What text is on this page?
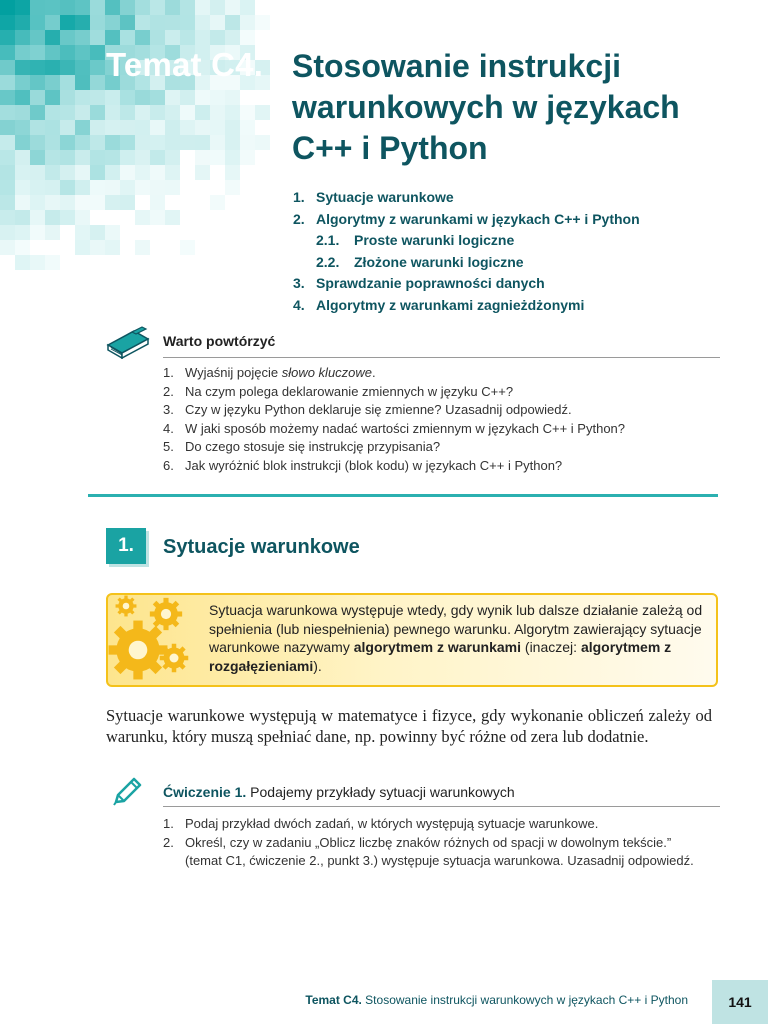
Temat C4. Stosowanie instrukcji warunkowych w językach C++ i Python
1. Sytuacje warunkowe
2. Algorytmy z warunkami w językach C++ i Python
2.1. Proste warunki logiczne
2.2. Złożone warunki logiczne
3. Sprawdzanie poprawności danych
4. Algorytmy z warunkami zagnieżdżonymi
Warto powtórzyć
1. Wyjaśnij pojęcie słowo kluczowe.
2. Na czym polega deklarowanie zmiennych w języku C++?
3. Czy w języku Python deklaruje się zmienne? Uzasadnij odpowiedź.
4. W jaki sposób możemy nadać wartości zmiennym w językach C++ i Python?
5. Do czego stosuje się instrukcję przypisania?
6. Jak wyróżnić blok instrukcji (blok kodu) w językach C++ i Python?
1.	Sytuacje warunkowe
Sytuacja warunkowa występuje wtedy, gdy wynik lub dalsze działanie zależą od spełnienia (lub niespełnienia) pewnego warunku. Algorytm zawierający sytuacje warunkowe nazywamy algorytmem z warunkami (inaczej: algorytmem z rozgałęzieniami).
Sytuacje warunkowe występują w matematyce i fizyce, gdy wykonanie obliczeń zależy od warunku, który muszą spełniać dane, np. powinny być różne od zera lub dodatnie.
Ćwiczenie 1. Podajemy przykłady sytuacji warunkowych
1. Podaj przykład dwóch zadań, w których występują sytuacje warunkowe.
2. Określ, czy w zadaniu „Oblicz liczbę znaków różnych od spacji w dowolnym tekście.” (temat C1, ćwiczenie 2., punkt 3.) występuje sytuacja warunkowa. Uzasadnij odpowiedź.
Temat C4. Stosowanie instrukcji warunkowych w językach C++ i Python	141
